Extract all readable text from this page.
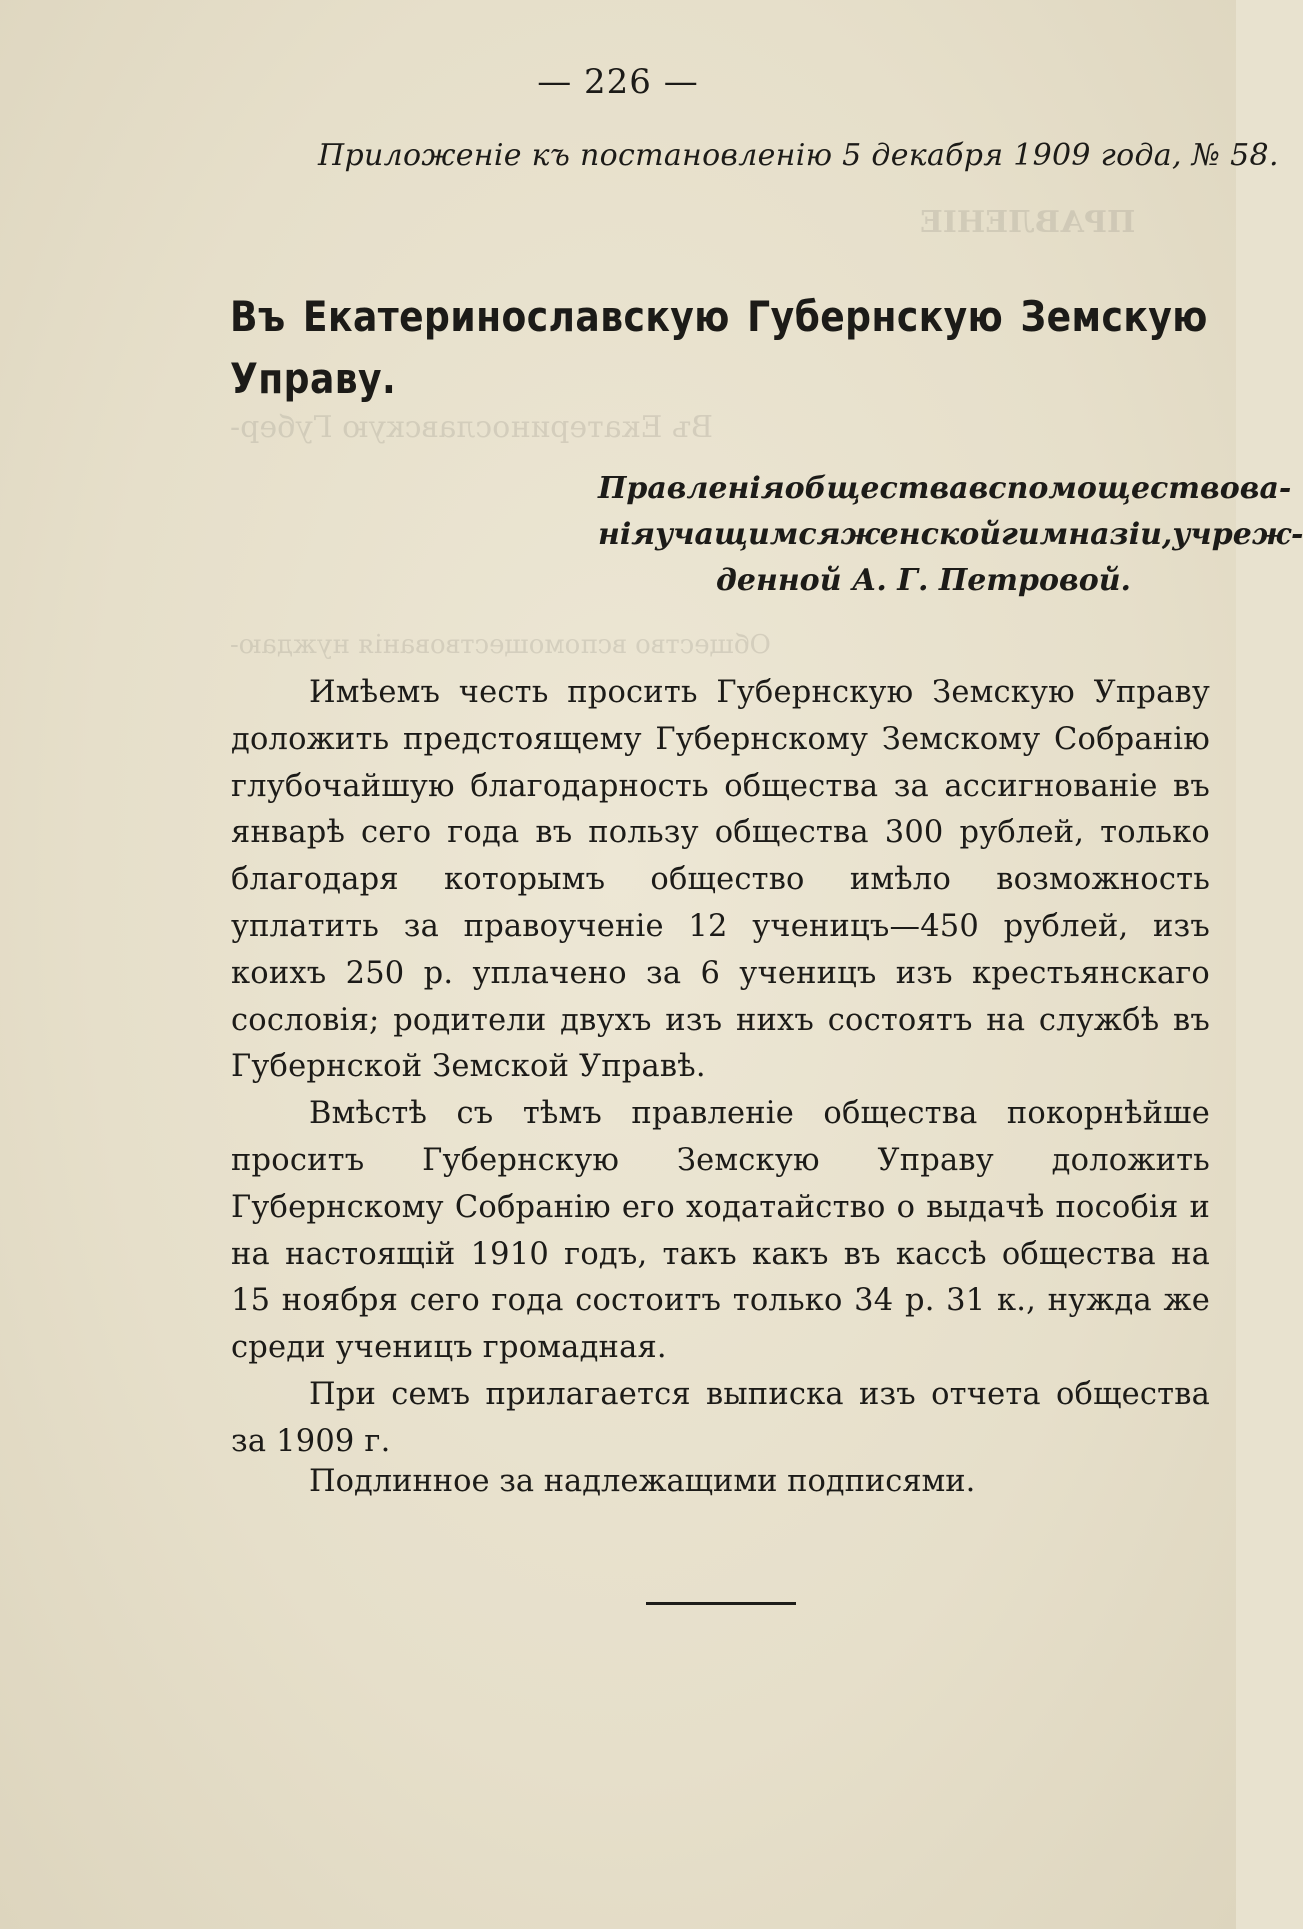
ПРАВЛЕНІЕ
Въ Екатеринославскую Губер-
Общество вспомоществованія нуждаю-
— 226 —
Приложеніе къ постановленію 5 декабря 1909 года, № 58.
Въ Екатеринославскую Губернскую Земскую
Управу.
Правленія общества вспомоществова-
нія учащимся женской гимназіи, учреж-
денной А. Г. Петровой.

Имѣемъ честь просить Губернскую Земскую Управу доложить предстоящему Губернскому Земскому Собранію глубочайшую благодарность общества за ассигнованіе въ январѣ сего года въ пользу общества 300 рублей, только благодаря которымъ общество имѣло возможность уплатить за правоученіе 12 ученицъ—450 рублей, изъ коихъ 250 р. уплачено за 6 ученицъ изъ крестьянскаго сословія; родители двухъ изъ нихъ состоятъ на службѣ въ Губернской Земской Управѣ.

Вмѣстѣ съ тѣмъ правленіе общества покорнѣйше проситъ Губернскую Земскую Управу доложить Губернскому Собранію его ходатайство о выдачѣ пособія и на настоящій 1910 годъ, такъ какъ въ кассѣ общества на 15 ноября сего года состоитъ только 34 р. 31 к., нужда же среди ученицъ громадная.

При семъ прилагается выписка изъ отчета общества за 1909 г.

Подлинное за надлежащими подписями.
